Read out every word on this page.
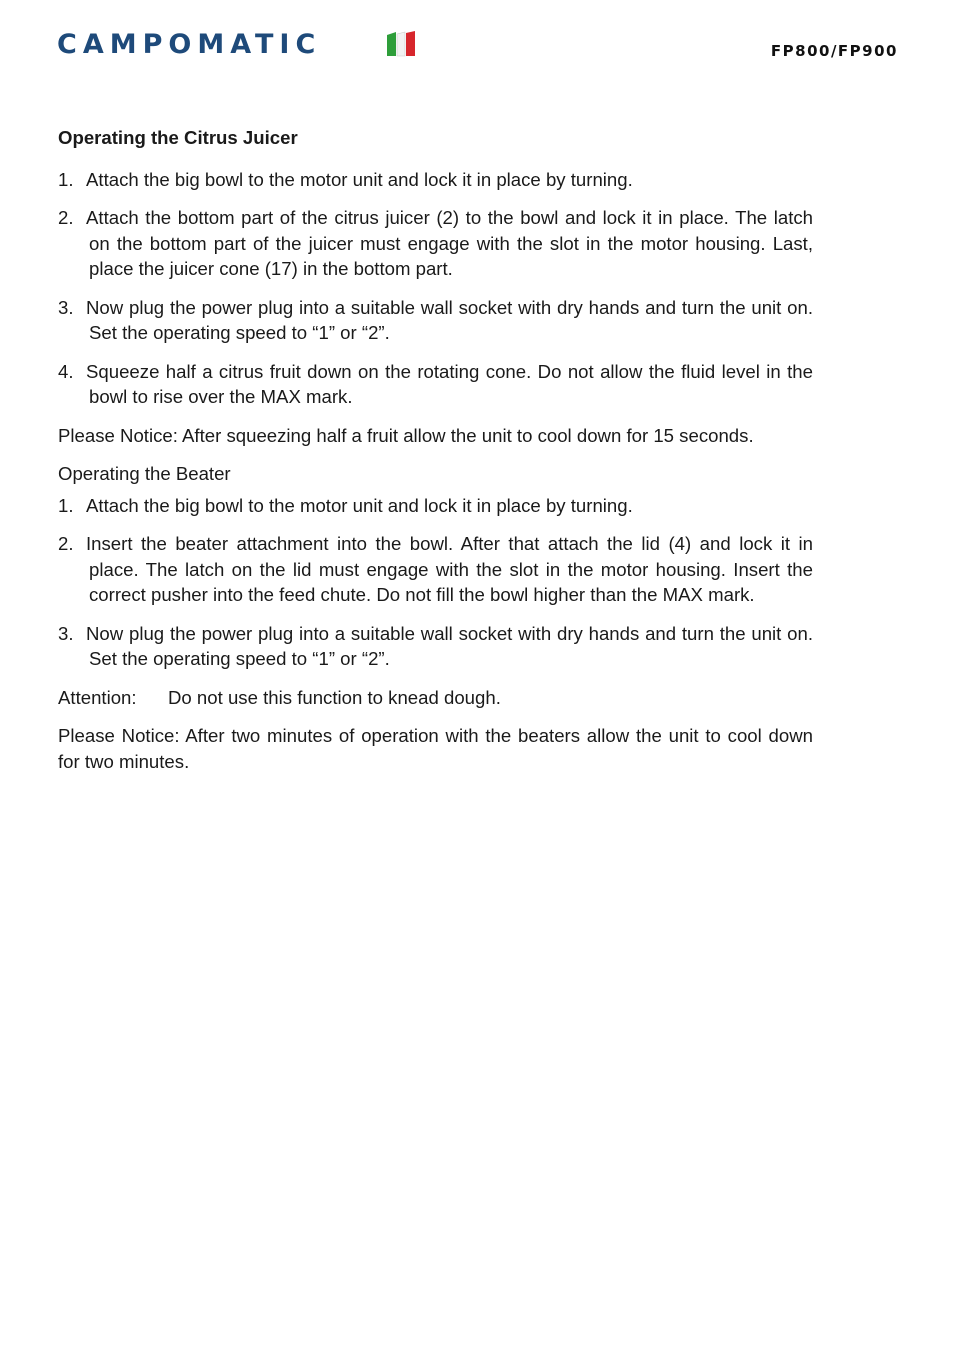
CAMPOMATIC	FP800/FP900
Operating the Citrus Juicer
1. Attach the big bowl to the motor unit and lock it in place by turning.
2. Attach the bottom part of the citrus juicer (2) to the bowl and lock it in place. The latch on the bottom part of the juicer must engage with the slot in the motor housing. Last, place the juicer cone (17) in the bottom part.
3. Now plug the power plug into a suitable wall socket with dry hands and turn the unit on. Set the operating speed to “1” or “2”.
4. Squeeze half a citrus fruit down on the rotating cone. Do not allow the fluid level in the bowl to rise over the MAX mark.
Please Notice: After squeezing half a fruit allow the unit to cool down for 15 seconds.
Operating the Beater
1. Attach the big bowl to the motor unit and lock it in place by turning.
2. Insert the beater attachment into the bowl. After that attach the lid (4) and lock it in place. The latch on the lid must engage with the slot in the motor housing. Insert the correct pusher into the feed chute. Do not fill the bowl higher than the MAX mark.
3. Now plug the power plug into a suitable wall socket with dry hands and turn the unit on. Set the operating speed to “1” or “2”.
Attention: Do not use this function to knead dough.
Please Notice: After two minutes of operation with the beaters allow the unit to cool down for two minutes.
